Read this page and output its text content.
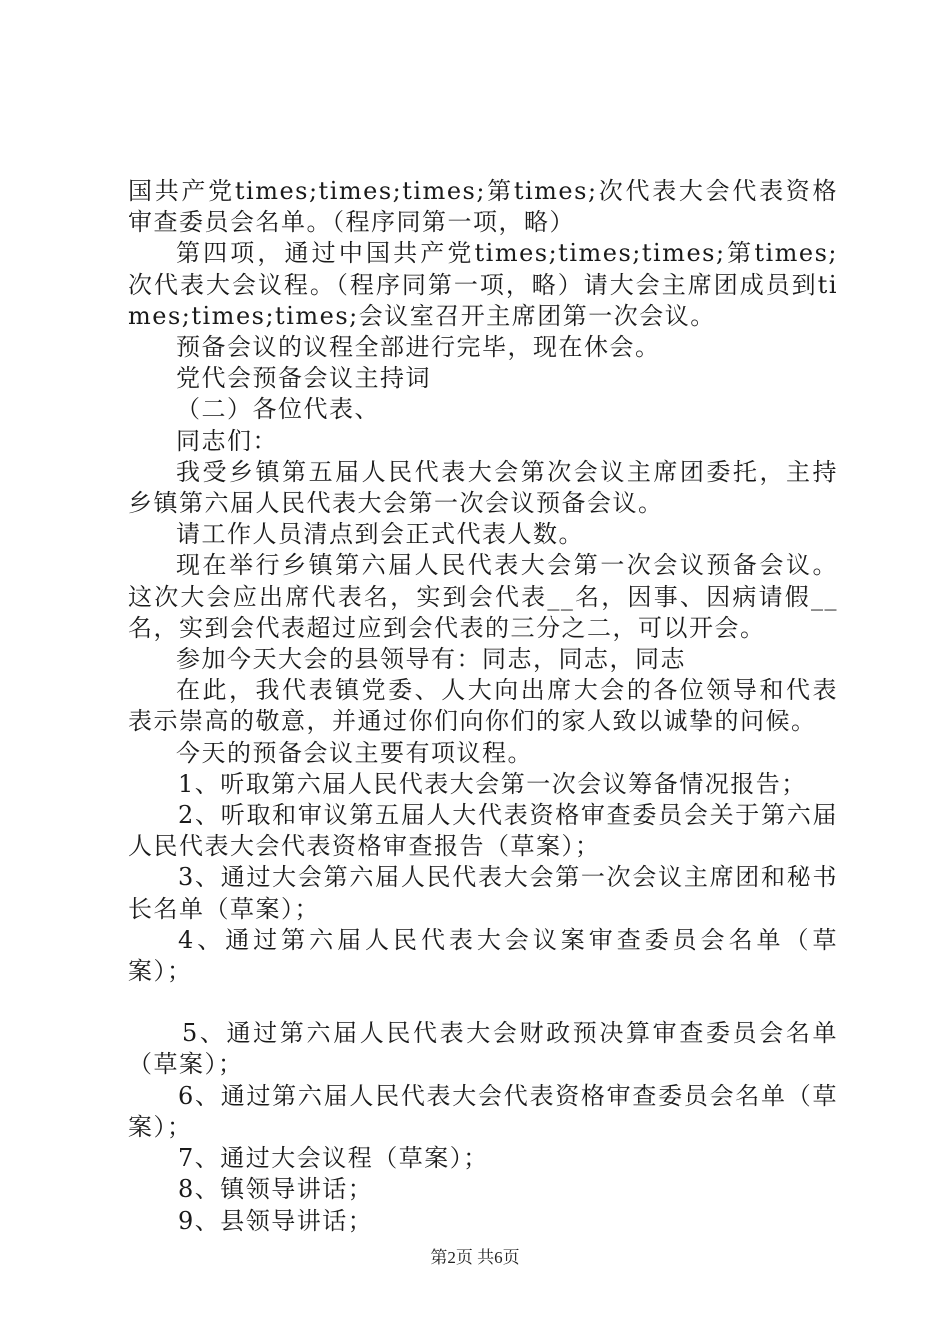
国共产党times;times;times;第times;次代表大会代表资格审查委员会名单。（程序同第一项，略）

第四项，通过中国共产党times;times;times;第times;次代表大会议程。（程序同第一项，略）请大会主席团成员到times;times;times;会议室召开主席团第一次会议。

预备会议的议程全部进行完毕，现在休会。

党代会预备会议主持词

（二）各位代表、

同志们：

我受乡镇第五届人民代表大会第次会议主席团委托，主持乡镇第六届人民代表大会第一次会议预备会议。

请工作人员清点到会正式代表人数。

现在举行乡镇第六届人民代表大会第一次会议预备会议。这次大会应出席代表名，实到会代表__名，因事、因病请假__名，实到会代表超过应到会代表的三分之二，可以开会。

参加今天大会的县领导有：同志，同志，同志

在此，我代表镇党委、人大向出席大会的各位领导和代表表示崇高的敬意，并通过你们向你们的家人致以诚挚的问候。

今天的预备会议主要有项议程。

1、听取第六届人民代表大会第一次会议筹备情况报告；

2、听取和审议第五届人大代表资格审查委员会关于第六届人民代表大会代表资格审查报告（草案）；

3、通过大会第六届人民代表大会第一次会议主席团和秘书长名单（草案）；

4、通过第六届人民代表大会议案审查委员会名单（草案）；

5、通过第六届人民代表大会财政预决算审查委员会名单（草案）；

6、通过第六届人民代表大会代表资格审查委员会名单（草案）；

7、通过大会议程（草案）；

8、镇领导讲话；

9、县领导讲话；

第2页 共6页
